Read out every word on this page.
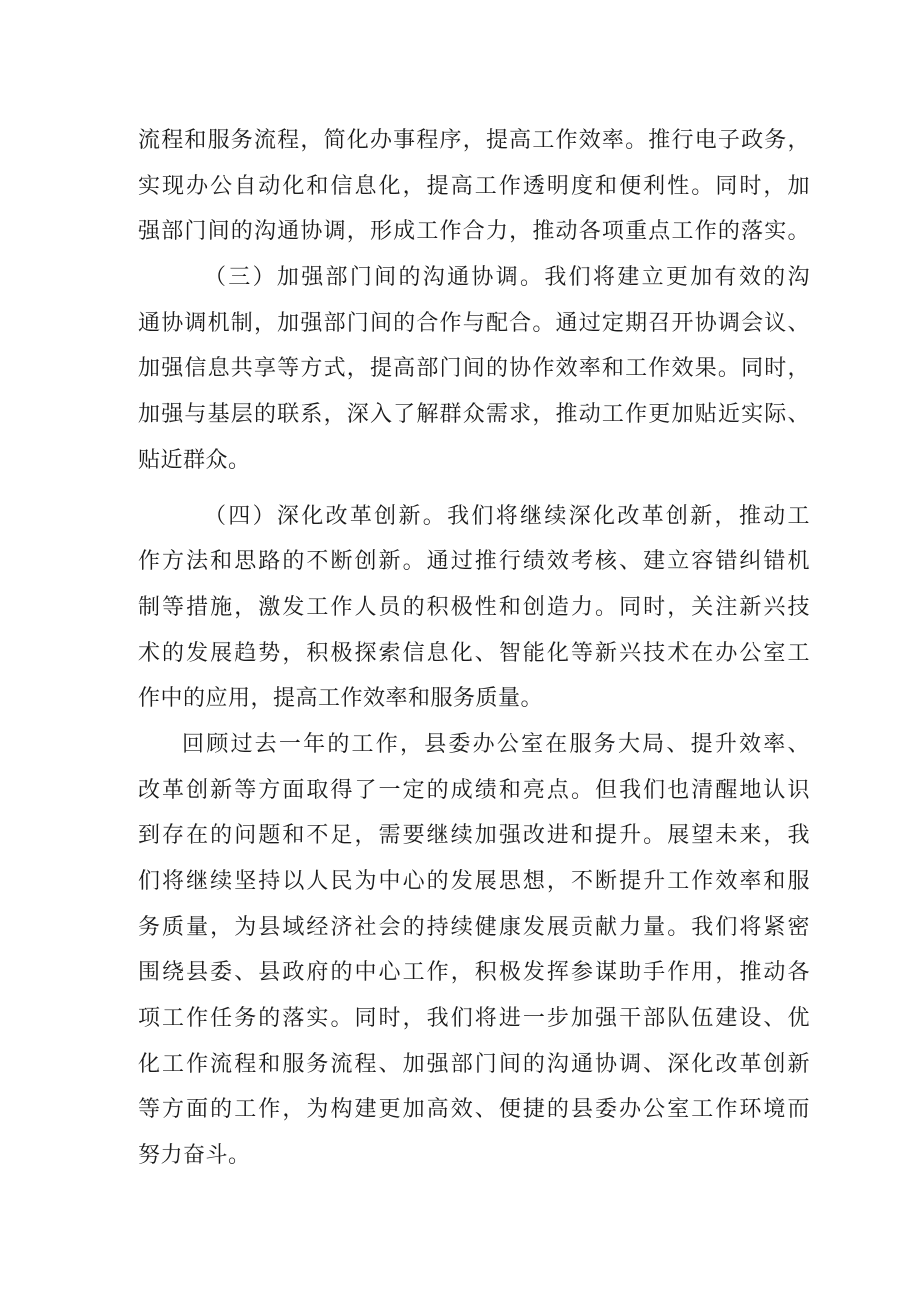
流程和服务流程，简化办事程序，提高工作效率。推行电子政务，
实现办公自动化和信息化，提高工作透明度和便利性。同时，加
强部门间的沟通协调，形成工作合力，推动各项重点工作的落实。
（三）加强部门间的沟通协调。我们将建立更加有效的沟
通协调机制，加强部门间的合作与配合。通过定期召开协调会议、
加强信息共享等方式，提高部门间的协作效率和工作效果。同时，
加强与基层的联系，深入了解群众需求，推动工作更加贴近实际、
贴近群众。
（四）深化改革创新。我们将继续深化改革创新，推动工
作方法和思路的不断创新。通过推行绩效考核、建立容错纠错机
制等措施，激发工作人员的积极性和创造力。同时，关注新兴技
术的发展趋势，积极探索信息化、智能化等新兴技术在办公室工
作中的应用，提高工作效率和服务质量。
回顾过去一年的工作，县委办公室在服务大局、提升效率、
改革创新等方面取得了一定的成绩和亮点。但我们也清醒地认识
到存在的问题和不足，需要继续加强改进和提升。展望未来，我
们将继续坚持以人民为中心的发展思想，不断提升工作效率和服
务质量，为县域经济社会的持续健康发展贡献力量。我们将紧密
围绕县委、县政府的中心工作，积极发挥参谋助手作用，推动各
项工作任务的落实。同时，我们将进一步加强干部队伍建设、优
化工作流程和服务流程、加强部门间的沟通协调、深化改革创新
等方面的工作，为构建更加高效、便捷的县委办公室工作环境而
努力奋斗。
